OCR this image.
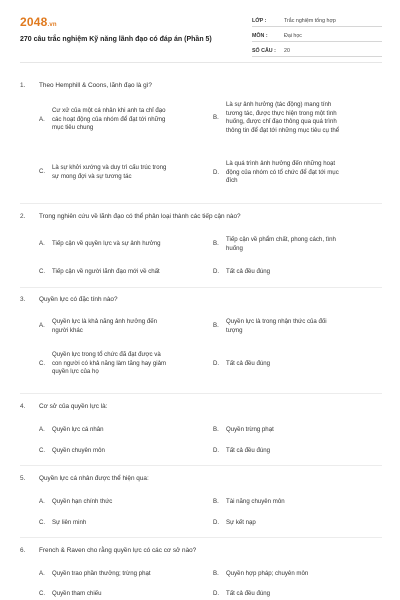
2048.vn
270 câu trắc nghiệm Kỹ năng lãnh đạo có đáp án (Phần 5)
LỚP :	Trắc nghiệm tổng hợp
MÔN :	Đại học
SỐ CÂU :	20
1. Theo Hemphill & Coons, lãnh đạo là gì?
A.
Cư xử của một cá nhân khi anh ta chỉ đạo
các hoạt động của nhóm để đạt tới những
mục tiêu chung
B.
Là sự ảnh hưởng (tác động) mang tính
tương tác, được thực hiện trong một tình
huống, được chỉ đạo thông qua quá trình
thông tin để đạt tới những mục tiêu cụ thể
C.
Là sự khởi xướng và duy trì cấu trúc trong
sự mong đợi và sự tương tác
D.
Là quá trình ảnh hưởng đến những hoạt
động của nhóm có tổ chức để đạt tới mục
đích
2. Trong nghiên cứu về lãnh đạo có thể phân loại thành các tiếp cận nào?
A. Tiếp cận về quyền lực và sự ảnh hưởng	B.
Tiếp cận về phẩm chất, phong cách, tình
huống
C. Tiếp cận về người lãnh đạo mới về chất	D. Tất cả đều đúng
3. Quyền lực có đặc tính nào?
A.
Quyền lực là khả năng ảnh hưởng đến
người khác
B.
Quyền lực là trong nhận thức của đối
tượng
C.
Quyền lực trong tổ chức đã đạt được và
con người có khả năng làm tăng hay giảm
quyền lực của họ
D. Tất cả đều đúng
4. Cơ sở của quyền lực là:
A. Quyền lực cá nhân	B. Quyền trừng phạt
C. Quyền chuyên môn	D. Tất cả đều đúng
5. Quyền lực cá nhân được thể hiện qua:
A. Quyền hạn chính thức	B. Tài năng chuyên môn
C. Sự liên minh	D. Sự kết nạp
6. French & Raven cho rằng quyền lực có các cơ sở nào?
A. Quyền trao phần thưởng; trừng phạt	B. Quyền hợp pháp; chuyên môn
C. Quyền tham chiếu	D. Tất cả đều đúng
